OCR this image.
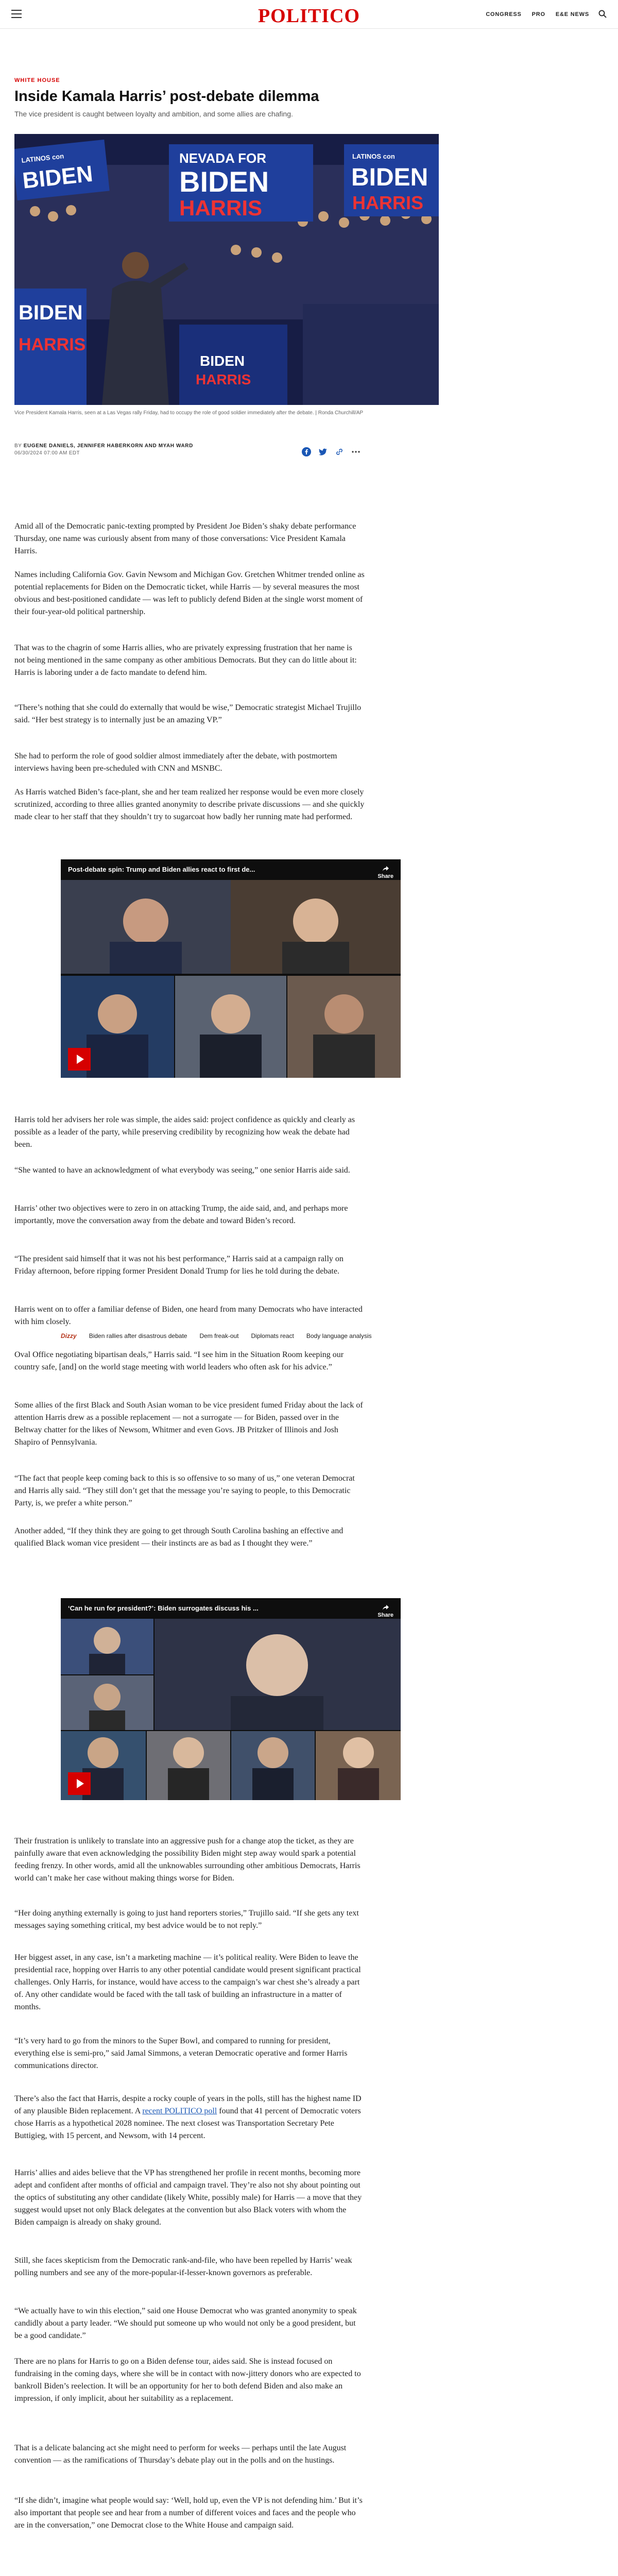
POLITICO	CONGRESS PRO E&E NEWS
WHITE HOUSE
Inside Kamala Harris’ post-debate dilemma
The vice president is caught between loyalty and ambition, and some allies are chafing.
LATINOS con
BIDEN
NEVADA FOR
BIDEN
HARRIS
LATINOS con
BIDEN
HARRIS
BIDEN
HARRIS
BIDEN
HARRIS
Vice President Kamala Harris, seen at a Las Vegas rally Friday, had to occupy the role of good soldier immediately after the debate. | Ronda Churchill/AP
BY EUGENE DANIELS, JENNIFER HABERKORN AND MYAH WARD
06/30/2024 07:00 AM EDT

Amid all of the Democratic panic-texting prompted by President Joe Biden’s shaky debate performance Thursday, one name was curiously absent from many of those conversations: Vice President Kamala Harris.

Names including California Gov. Gavin Newsom and Michigan Gov. Gretchen Whitmer trended online as potential replacements for Biden on the Democratic ticket, while Harris — by several measures the most obvious and best-positioned candidate — was left to publicly defend Biden at the single worst moment of their four-year-old political partnership.

That was to the chagrin of some Harris allies, who are privately expressing frustration that her name is not being mentioned in the same company as other ambitious Democrats. But they can do little about it: Harris is laboring under a de facto mandate to defend him.

“There’s nothing that she could do externally that would be wise,” Democratic strategist Michael Trujillo said. “Her best strategy is to internally just be an amazing VP.”

She had to perform the role of good soldier almost immediately after the debate, with postmortem interviews having been pre-scheduled with CNN and MSNBC.

As Harris watched Biden’s face-plant, she and her team realized her response would be even more closely scrutinized, according to three allies granted anonymity to describe private discussions — and she quickly made clear to her staff that they shouldn’t try to sugarcoat how badly her running mate had performed.

Post-debate spin: Trump and Biden allies react to first de...
Share

Harris told her advisers her role was simple, the aides said: project confidence as quickly and clearly as possible as a leader of the party, while preserving credibility by recognizing how weak the debate had been.

“She wanted to have an acknowledgment of what everybody was seeing,” one senior Harris aide said.

Harris’ other two objectives were to zero in on attacking Trump, the aide said, and, and perhaps more importantly, move the conversation away from the debate and toward Biden’s record.

“The president said himself that it was not his best performance,” Harris said at a campaign rally on Friday afternoon, before ripping former President Donald Trump for lies he told during the debate.

Harris went on to offer a familiar defense of Biden, one heard from many Democrats who have interacted with him closely.

Dizzy Biden rallies after disastrous debate Dem freak-out Diplomats react Body language analysis

Oval Office negotiating bipartisan deals,” Harris said. “I see him in the Situation Room keeping our country safe, [and] on the world stage meeting with world leaders who often ask for his advice.”

Some allies of the first Black and South Asian woman to be vice president fumed Friday about the lack of attention Harris drew as a possible replacement — not a surrogate — for Biden, passed over in the Beltway chatter for the likes of Newsom, Whitmer and even Govs. JB Pritzker of Illinois and Josh Shapiro of Pennsylvania.

“The fact that people keep coming back to this is so offensive to so many of us,” one veteran Democrat and Harris ally said. “They still don’t get that the message you’re saying to people, to this Democratic Party, is, we prefer a white person.”

Another added, “If they think they are going to get through South Carolina bashing an effective and qualified Black woman vice president — their instincts are as bad as I thought they were.”

‘Can he run for president?’: Biden surrogates discuss his ...
Share

Their frustration is unlikely to translate into an aggressive push for a change atop the ticket, as they are painfully aware that even acknowledging the possibility Biden might step away would spark a potential feeding frenzy. In other words, amid all the unknowables surrounding other ambitious Democrats, Harris world can’t make her case without making things worse for Biden.

“Her doing anything externally is going to just hand reporters stories,” Trujillo said. “If she gets any text messages saying something critical, my best advice would be to not reply.”

Her biggest asset, in any case, isn’t a marketing machine — it’s political reality. Were Biden to leave the presidential race, hopping over Harris to any other potential candidate would present significant practical challenges. Only Harris, for instance, would have access to the campaign’s war chest she’s already a part of. Any other candidate would be faced with the tall task of building an infrastructure in a matter of months.

“It’s very hard to go from the minors to the Super Bowl, and compared to running for president, everything else is semi-pro,” said Jamal Simmons, a veteran Democratic operative and former Harris communications director.

There’s also the fact that Harris, despite a rocky couple of years in the polls, still has the highest name ID of any plausible Biden replacement. A recent POLITICO poll found that 41 percent of Democratic voters chose Harris as a hypothetical 2028 nominee. The next closest was Transportation Secretary Pete Buttigieg, with 15 percent, and Newsom, with 14 percent.

Harris’ allies and aides believe that the VP has strengthened her profile in recent months, becoming more adept and confident after months of official and campaign travel. They’re also not shy about pointing out the optics of substituting any other candidate (likely White, possibly male) for Harris — a move that they suggest would upset not only Black delegates at the convention but also Black voters with whom the Biden campaign is already on shaky ground.

Still, she faces skepticism from the Democratic rank-and-file, who have been repelled by Harris’ weak polling numbers and see any of the more-popular-if-lesser-known governors as preferable.

“We actually have to win this election,” said one House Democrat who was granted anonymity to speak candidly about a party leader. “We should put someone up who would not only be a good president, but be a good candidate.”

There are no plans for Harris to go on a Biden defense tour, aides said. She is instead focused on fundraising in the coming days, where she will be in contact with now-jittery donors who are expected to bankroll Biden’s reelection. It will be an opportunity for her to both defend Biden and also make an impression, if only implicit, about her suitability as a replacement.

That is a delicate balancing act she might need to perform for weeks — perhaps until the late August convention — as the ramifications of Thursday’s debate play out in the polls and on the hustings.

“If she didn’t, imagine what people would say: ‘Well, hold up, even the VP is not defending him.’ But it’s also important that people see and hear from a number of different voices and faces and the people who are in the conversation,” one Democrat close to the White House and campaign said.
